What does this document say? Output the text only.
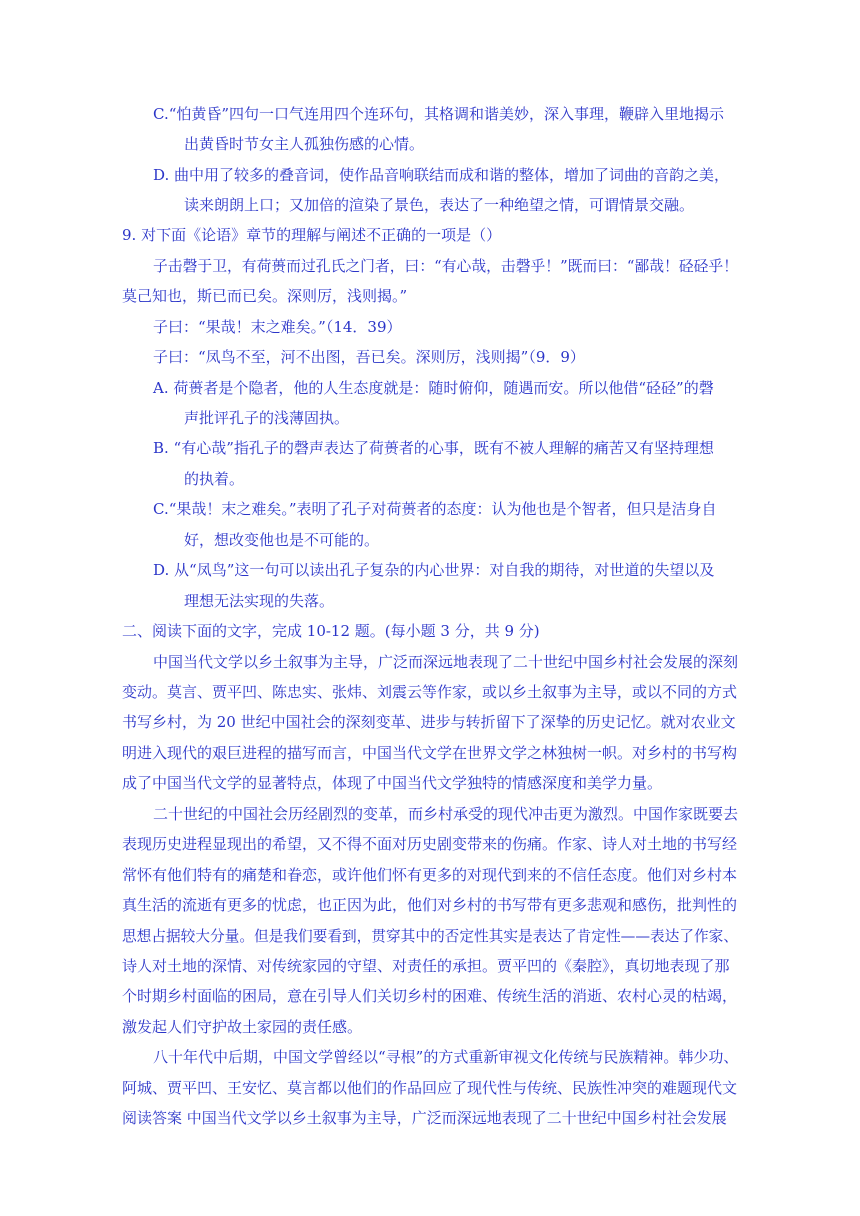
C.“怕黄昏”四句一口气连用四个连环句，其格调和谐美妙，深入事理，鞭辟入里地揭示
出黄昏时节女主人孤独伤感的心情。
D. 曲中用了较多的叠音词，使作品音响联结而成和谐的整体，增加了词曲的音韵之美，
读来朗朗上口；又加倍的渲染了景色，表达了一种绝望之情，可谓情景交融。
9. 对下面《论语》章节的理解与阐述不正确的一项是（）
子击磬于卫，有荷蒉而过孔氏之门者，曰：“有心哉，击磬乎！”既而曰：“鄙哉！硁硁乎！
莫己知也，斯已而已矣。深则厉，浅则揭。”
子曰：“果哉！末之难矣。”（14．39）
子曰：“凤鸟不至，河不出图，吾已矣。深则厉，浅则揭”（9．9）
A. 荷蒉者是个隐者，他的人生态度就是：随时俯仰，随遇而安。所以他借“硁硁”的磬
声批评孔子的浅薄固执。
B. “有心哉”指孔子的磬声表达了荷蒉者的心事，既有不被人理解的痛苦又有坚持理想
的执着。
C.“果哉！末之难矣。”表明了孔子对荷蒉者的态度：认为他也是个智者，但只是洁身自
好，想改变他也是不可能的。
D. 从“凤鸟”这一句可以读出孔子复杂的内心世界：对自我的期待，对世道的失望以及
理想无法实现的失落。
二、阅读下面的文字，完成 10-12 题。(每小题 3 分，共 9 分)
中国当代文学以乡土叙事为主导，广泛而深远地表现了二十世纪中国乡村社会发展的深刻
变动。莫言、贾平凹、陈忠实、张炜、刘震云等作家，或以乡土叙事为主导，或以不同的方式
书写乡村，为 20 世纪中国社会的深刻变革、进步与转折留下了深挚的历史记忆。就对农业文
明进入现代的艰巨进程的描写而言，中国当代文学在世界文学之林独树一帜。对乡村的书写构
成了中国当代文学的显著特点，体现了中国当代文学独特的情感深度和美学力量。
二十世纪的中国社会历经剧烈的变革，而乡村承受的现代冲击更为激烈。中国作家既要去
表现历史进程显现出的希望，又不得不面对历史剧变带来的伤痛。作家、诗人对土地的书写经
常怀有他们特有的痛楚和眷恋，或许他们怀有更多的对现代到来的不信任态度。他们对乡村本
真生活的流逝有更多的忧虑，也正因为此，他们对乡村的书写带有更多悲观和感伤，批判性的
思想占据较大分量。但是我们要看到，贯穿其中的否定性其实是表达了肯定性——表达了作家、
诗人对土地的深情、对传统家园的守望、对责任的承担。贾平凹的《秦腔》，真切地表现了那
个时期乡村面临的困局，意在引导人们关切乡村的困难、传统生活的消逝、农村心灵的枯竭，
激发起人们守护故土家园的责任感。
八十年代中后期，中国文学曾经以“寻根”的方式重新审视文化传统与民族精神。韩少功、
阿城、贾平凹、王安忆、莫言都以他们的作品回应了现代性与传统、民族性冲突的难题现代文
阅读答案 中国当代文学以乡土叙事为主导，广泛而深远地表现了二十世纪中国乡村社会发展
